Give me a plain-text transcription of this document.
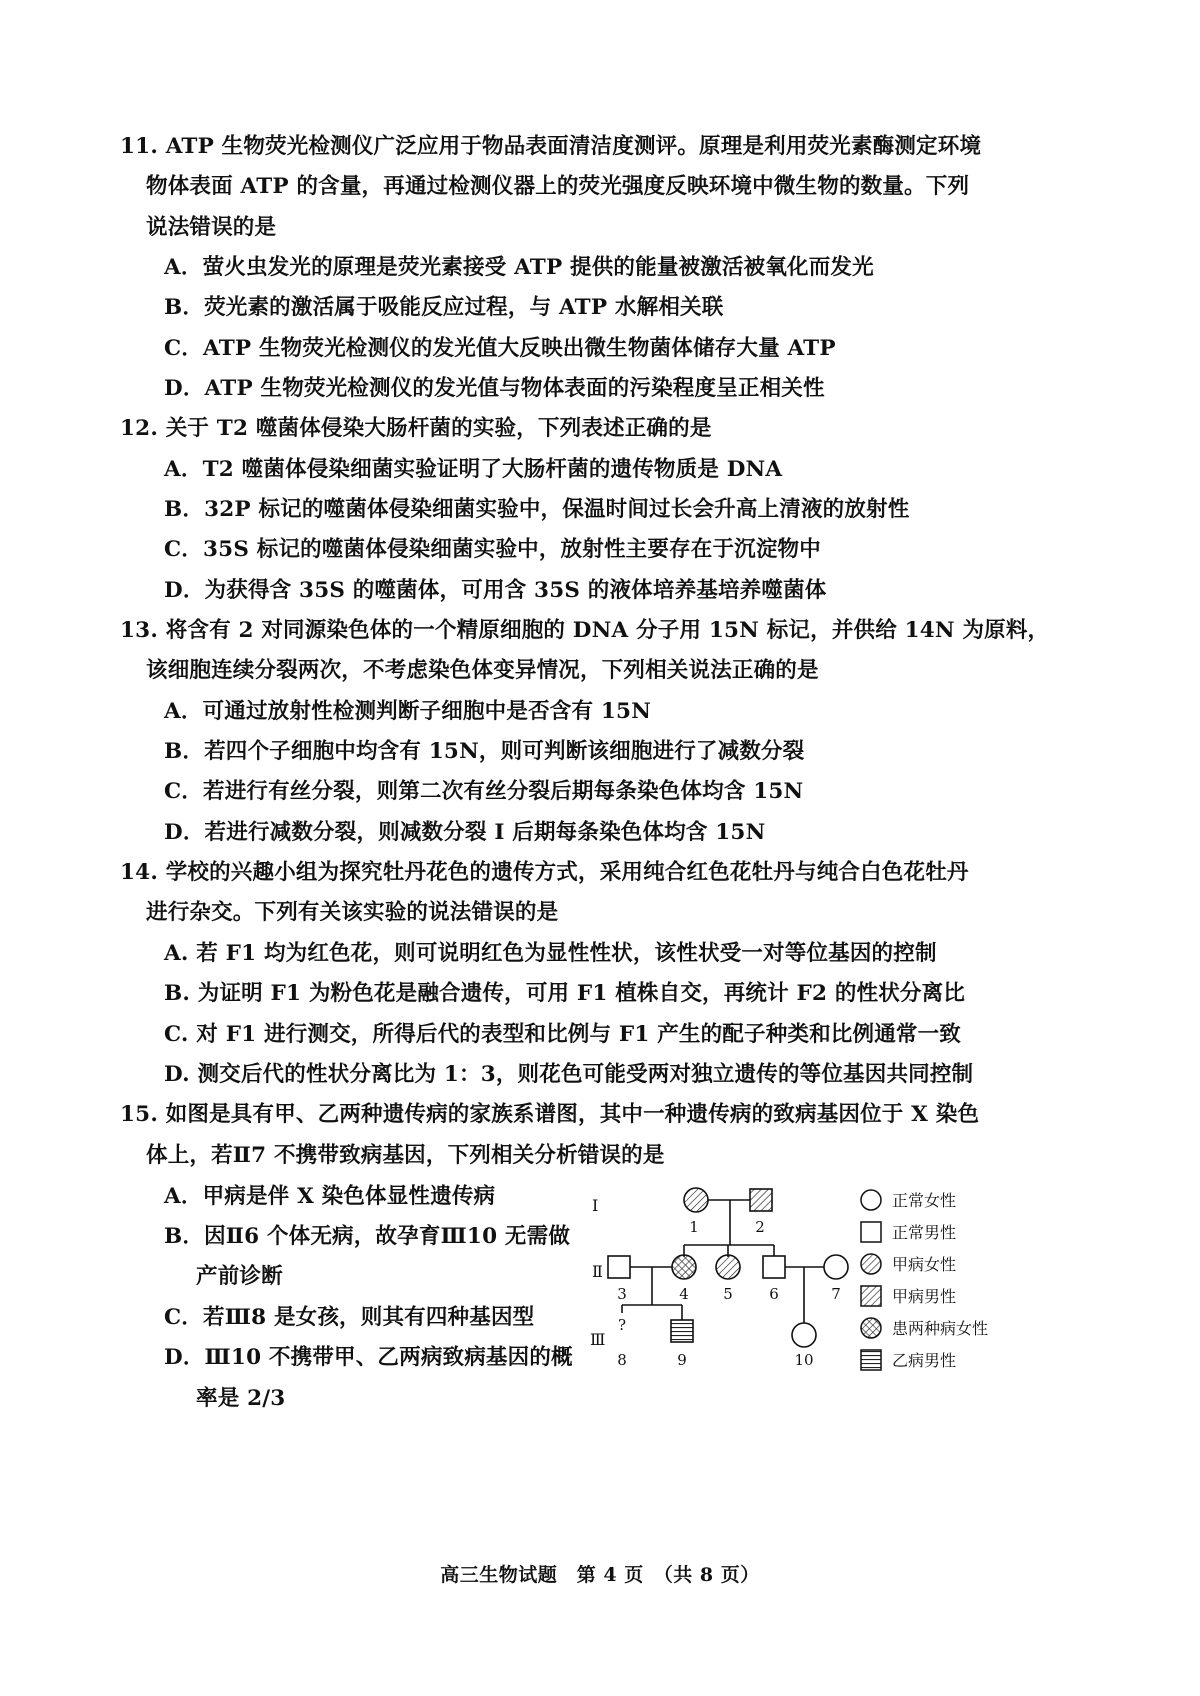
11. ATP 生物荧光检测仪广泛应用于物品表面清洁度测评。原理是利用荧光素酶测定环境
物体表面 ATP 的含量，再通过检测仪器上的荧光强度反映环境中微生物的数量。下列
说法错误的是
A．萤火虫发光的原理是荧光素接受 ATP 提供的能量被激活被氧化而发光
B．荧光素的激活属于吸能反应过程，与 ATP 水解相关联
C．ATP 生物荧光检测仪的发光值大反映出微生物菌体储存大量 ATP
D．ATP 生物荧光检测仪的发光值与物体表面的污染程度呈正相关性
12. 关于 T2 噬菌体侵染大肠杆菌的实验，下列表述正确的是
A．T2 噬菌体侵染细菌实验证明了大肠杆菌的遗传物质是 DNA
B．32P 标记的噬菌体侵染细菌实验中，保温时间过长会升高上清液的放射性
C．35S 标记的噬菌体侵染细菌实验中，放射性主要存在于沉淀物中
D．为获得含 35S 的噬菌体，可用含 35S 的液体培养基培养噬菌体
13. 将含有 2 对同源染色体的一个精原细胞的 DNA 分子用 15N 标记，并供给 14N 为原料，
该细胞连续分裂两次，不考虑染色体变异情况，下列相关说法正确的是
A．可通过放射性检测判断子细胞中是否含有 15N
B．若四个子细胞中均含有 15N，则可判断该细胞进行了减数分裂
C．若进行有丝分裂，则第二次有丝分裂后期每条染色体均含 15N
D．若进行减数分裂，则减数分裂 I 后期每条染色体均含 15N
14. 学校的兴趣小组为探究牡丹花色的遗传方式，采用纯合红色花牡丹与纯合白色花牡丹
进行杂交。下列有关该实验的说法错误的是
A. 若 F1 均为红色花，则可说明红色为显性性状，该性状受一对等位基因的控制
B. 为证明 F1 为粉色花是融合遗传，可用 F1 植株自交，再统计 F2 的性状分离比
C. 对 F1 进行测交，所得后代的表型和比例与 F1 产生的配子种类和比例通常一致
D. 测交后代的性状分离比为 1：3，则花色可能受两对独立遗传的等位基因共同控制
15. 如图是具有甲、乙两种遗传病的家族系谱图，其中一种遗传病的致病基因位于 X 染色
体上，若Ⅱ7 不携带致病基因，下列相关分析错误的是
A．甲病是伴 X 染色体显性遗传病
B．因Ⅱ6 个体无病，故孕育Ⅲ10 无需做
产前诊断
C．若Ⅲ8 是女孩，则其有四种基因型
D．Ⅲ10 不携带甲、乙两病致病基因的概
率是 2/3
I
Ⅱ
Ⅲ
1	2
3	4 5 6	7
?
8	9	10
正常女性
正常男性
甲病女性
甲病男性
患两种病女性
乙病男性
高三生物试题　第 4 页　（共 8 页）
